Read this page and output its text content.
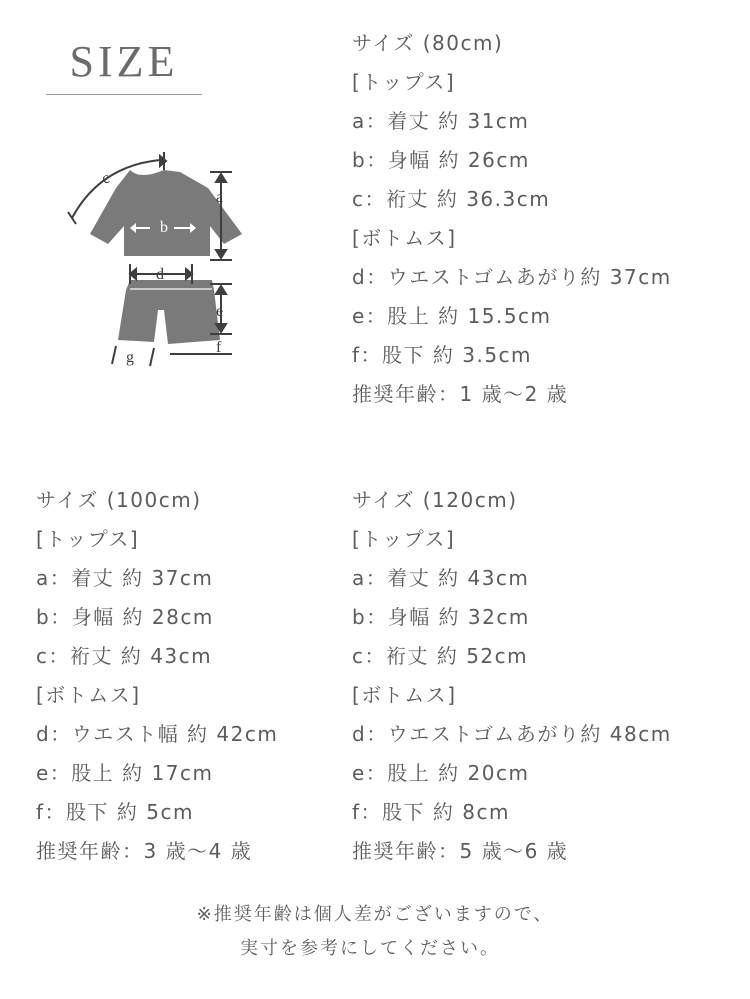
SIZE
c
a
b
d
e
f
g
サイズ (80cm)
[トップス]
a：着丈 約 31cm
b：身幅 約 26cm
c：裄丈 約 36.3cm
[ボトムス]
d：ウエストゴムあがり約 37cm
e：股上 約 15.5cm
f：股下 約 3.5cm
推奨年齢：1 歳～2 歳
サイズ (100cm)
[トップス]
a：着丈 約 37cm
b：身幅 約 28cm
c：裄丈 約 43cm
[ボトムス]
d：ウエスト幅 約 42cm
e：股上 約 17cm
f：股下 約 5cm
推奨年齢：3 歳～4 歳
サイズ (120cm)
[トップス]
a：着丈 約 43cm
b：身幅 約 32cm
c：裄丈 約 52cm
[ボトムス]
d：ウエストゴムあがり約 48cm
e：股上 約 20cm
f：股下 約 8cm
推奨年齢：5 歳～6 歳
※推奨年齢は個人差がございますので、
実寸を参考にしてください。
